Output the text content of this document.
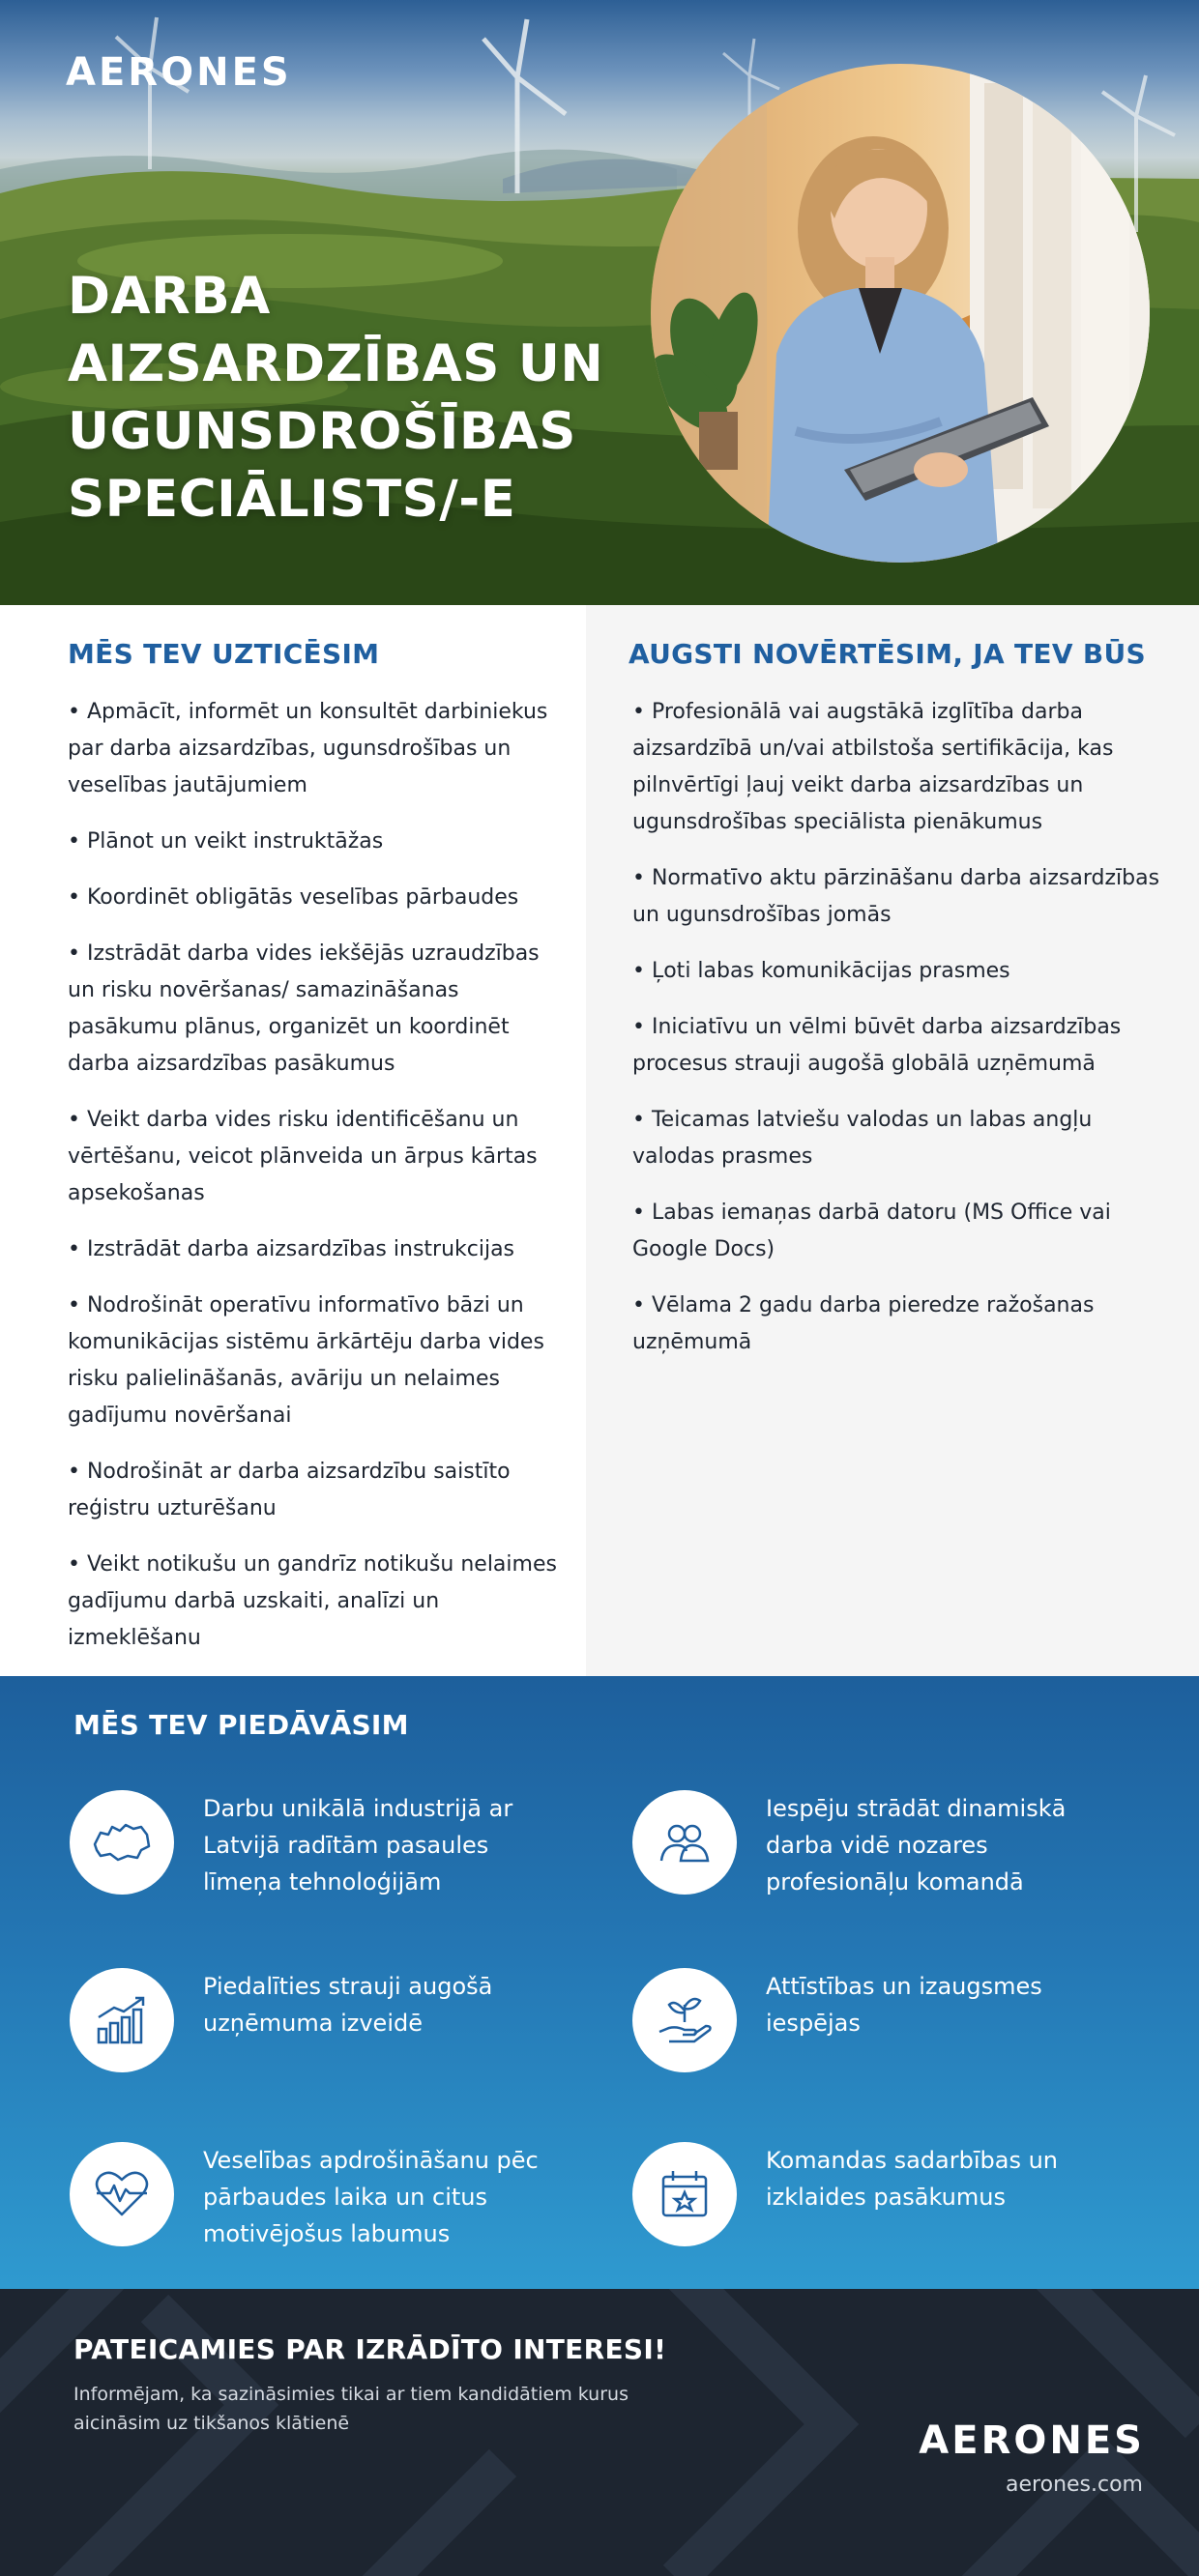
AERONES
DARBA
AIZSARDZĪBAS UN
UGUNSDROŠĪBAS
SPECIĀLISTS/-E
MĒS TEV UZTICĒSIM
• Apmācīt, informēt un konsultēt darbiniekus par darba aizsardzības, ugunsdrošības un veselības jautājumiem
• Plānot un veikt instruktāžas
• Koordinēt obligātās veselības pārbaudes
• Izstrādāt darba vides iekšējās uzraudzības un risku novēršanas/ samazināšanas pasākumu plānus, organizēt un koordinēt darba aizsardzības pasākumus
• Veikt darba vides risku identificēšanu un vērtēšanu, veicot plānveida un ārpus kārtas apsekošanas
• Izstrādāt darba aizsardzības instrukcijas
• Nodrošināt operatīvu informatīvo bāzi un komunikācijas sistēmu ārkārtēju darba vides risku palielināšanās, avāriju un nelaimes gadījumu novēršanai
• Nodrošināt ar darba aizsardzību saistīto reģistru uzturēšanu
• Veikt notikušu un gandrīz notikušu nelaimes gadījumu darbā uzskaiti, analīzi un izmeklēšanu
AUGSTI NOVĒRTĒSIM, JA TEV BŪS
• Profesionālā vai augstākā izglītība darba aizsardzībā un/vai atbilstoša sertifikācija, kas pilnvērtīgi ļauj veikt darba aizsardzības un ugunsdrošības speciālista pienākumus
• Normatīvo aktu pārzināšanu darba aizsardzības un ugunsdrošības jomās
• Ļoti labas komunikācijas prasmes
• Iniciatīvu un vēlmi būvēt darba aizsardzības procesus strauji augošā globālā uzņēmumā
• Teicamas latviešu valodas un labas angļu valodas prasmes
• Labas iemaņas darbā datoru (MS Office vai Google Docs)
• Vēlama 2 gadu darba pieredze ražošanas uzņēmumā
MĒS TEV PIEDĀVĀSIM
Darbu unikālā industrijā ar Latvijā radītām pasaules līmeņa tehnoloģijām
Iespēju strādāt dinamiskā darba vidē nozares profesionāļu komandā
Piedalīties strauji augošā uzņēmuma izveidē
Attīstības un izaugsmes iespējas
Veselības apdrošināšanu pēc pārbaudes laika un citus motivējošus labumus
Komandas sadarbības un izklaides pasākumus
PATEICAMIES PAR IZRĀDĪTO INTERESI!

Informējam, ka sazināsimies tikai ar tiem kandidātiem kurus aicināsim uz tikšanos klātienē	AERONES
aerones.com
